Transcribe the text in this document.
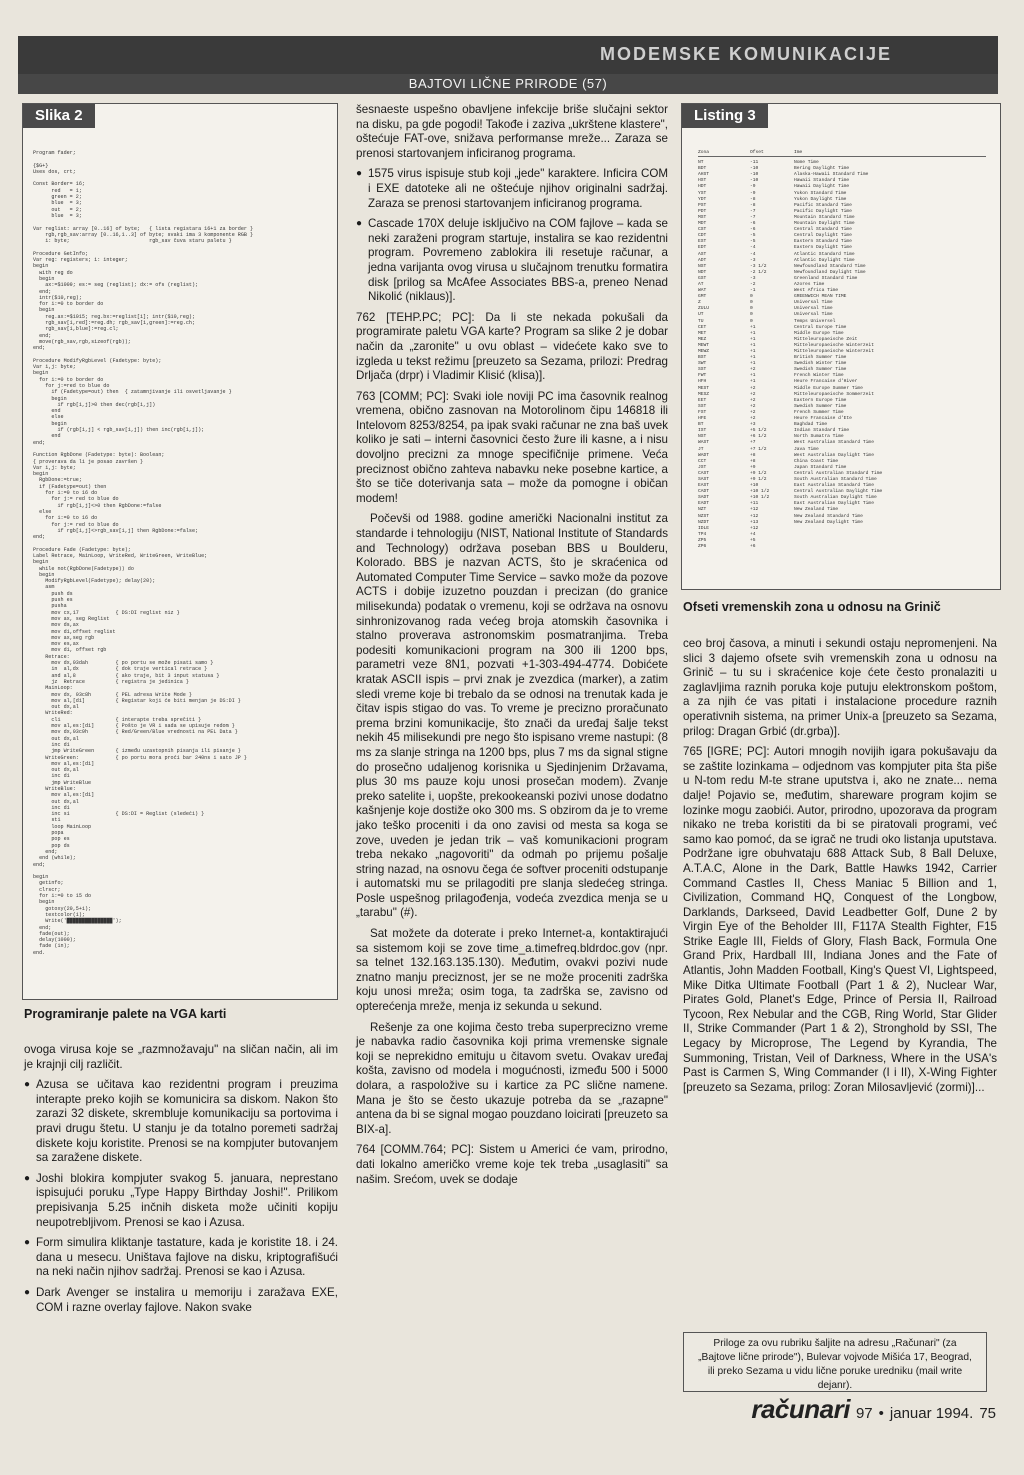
MODEMSKE KOMUNIKACIJE
BAJTOVI LIČNE PRIRODE (57)
Slika 2
Program fader;

{$G+}
Uses dos, crt;

Const Border= 16;
red   = 1;
green = 2;
blue  = 3;
out   = 2;
blue  = 3;

Var reglist: array [0..16] of byte;   { lista registara 16+1 za border }
rgb,rgb_sav:array [0..16,1..3] of byte; svaki ima 3 komponente RGB }
i: byte;                          rgb_sav čuva staru paletu }

Procedure GetInfo;
Var reg: registers; i: integer;
begin
with reg do
begin
ax:=$1009; es:= seg (reglist); dx:= ofs (reglist);
end;
intr($10,reg);
for i:=0 to border do
begin
reg.ax:=$1015; reg.bx:=reglist[i]; intr($10,reg);
rgb_sav[i,red]:=reg.dh; rgb_sav[i,green]:=reg.ch;
rgb_sav[i,blue]:=reg.cl;
end;
move(rgb_sav,rgb,sizeof(rgb));
end;

Procedure ModifyRgbLevel (Fadetype: byte);
Var i,j: byte;
begin
for i:=0 to border do
for j:=red to blue do
if (Fadetype=out) then  { zatamnjivanje ili osvetljavanje }
begin
if rgb[i,j]>0 then dec(rgb[i,j])
end
else
begin
if (rgb[i,j] < rgb_sav[i,j]) then inc(rgb[i,j]);
end
end;

Function RgbDone (Fadetype: byte): Boolean;
{ proverava da li je posao završen }
Var i,j: byte;
begin
RgbDone:=true;
if (Fadetype=out) then
for i:=0 to 16 do
for j:= red to blue do
if rgb[i,j]<>0 then RgbDone:=false
else
for i:=0 to 16 do
for j:= red to blue do
if rgb[i,j]<>rgb_sav[i,j] then RgbDone:=false;
end;

Procedure Fade (Fadetype: byte);
Label Retrace, MainLoop, WriteRed, WriteGreen, WriteBlue;
begin
while not(RgbDone(Fadetype)) do
begin
ModifyRgbLevel(Fadetype); delay(20);
asm
push ds
push es
pusha
mov cx,17            { DS:DI reglist niz }
mov ax, seg Reglist
mov ds,ax
mov di,offset reglist
mov ax,seg rgb
mov es,ax
mov di, offset rgb
Retrace:
mov dx,03dah         { po portu se može pisati samo }
in  al,dx            { dok traje vertical retrace }
and al,8             { ako traje, bit 3 input statusa }
jz  Retrace          { registra je jedinica }
MainLoop:
mov dx, 03c8h        { PEL adresa Write Mode }
mov al,[di]          { Registar koji će biti menjan je DS:DI }
out dx,al
WriteRed:
cli                  { interapte treba sprečiti }
mov al,es:[di]       { Pošto je VR i sada se upisuje redom }
mov dx,03c9h         { Red/Green/Blue vrednosti na PEL Data }
out dx,al
inc di
jmp WriteGreen       { između uzastopnih pisanja ili pisanje }
WriteGreen:            { po portu mora proći bar 240ns i sato JP }
mov al,es:[di]
out dx,al
inc di
jmp WriteBlue
WriteBlue:
mov al,es:[di]
out dx,al
inc di
inc si               { DS:DI = Reglist (sledeći) }
sti
loop MainLoop
popa
pop es
pop ds
end;
end (while);
end;

begin
getinfo;
clrscr;
for i:=0 to 15 do
begin
gotoxy(20,5+i);
textcolor(i);
Write('███████████████');
end;
fade(out);
delay(1000);
fade (in);
end.
Programiranje palete na VGA karti
Listing 3
Zona	Ofset	Ime
NT	-11	Nome Time
BDT	-10	Bering Daylight Time
AHST	-10	Alaska-Hawaii Standard Time
HST	-10	Hawaii Standard Time
HDT	-9	Hawaii Daylight Time
YST	-9	Yukon Standard Time
YDT	-8	Yukon Daylight Time
PST	-8	Pacific Standard Time
PDT	-7	Pacific Daylight Time
MST	-7	Mountain Standard Time
MDT	-6	Mountain Daylight Time
CST	-6	Central Standard Time
CDT	-5	Central Daylight Time
EST	-5	Eastern Standard Time
EDT	-4	Eastern Daylight Time
AST	-4	Atlantic Standard Time
ADT	-3	Atlantic Daylight Time
NST	-3 1/2	Newfoundland Standard Time
NDT	-2 1/2	Newfoundland Daylight Time
GST	-3	Greenland Standard Time
AT	-2	Azores Time
WAT	-1	West Africa Time
GMT	0	GREENWICH MEAN TIME
Z	0	Universal Time
ZULU	0	Universal Time
UT	0	Universal Time
TU	0	Temps Universel
CET	+1	Central Europe Time
MET	+1	Middle Europe Time
MEZ	+1	Mitteleuropaeische Zeit
MEWT	+1	Mitteleuropaeische Winterzeit
MEWZ	+1	Mitteleuropaeische Winterzeit
BST	+1	British Summer Time
SWT	+1	Swedish Winter Time
SST	+2	Swedish Summer Time
FWT	+1	French Winter Time
HFH	+1	Heure Francaise d'Hiver
MEST	+2	Middle Europe Summer Time
MESZ	+2	Mitteleuropaeische Sommerzeit
EET	+2	Eastern Europe Time
SST	+2	Swedish Summer Time
FST	+2	French Summer Time
HFE	+2	Heure Francaise d'Ete
BT	+3	Baghdad Time
IST	+5 1/2	Indian Standard Time
NST	+6 1/2	North Sumatra Time
WAST	+7	West Australian Standard Time
JT	+7 1/2	Java Time
WADT	+8	West Australian Daylight Time
CCT	+8	China Coast Time
JST	+9	Japan Standard Time
CAST	+9 1/2	Central Australian Standard Time
SAST	+9 1/2	South Australian Standard Time
EAST	+10	East Australian Standard Time
CADT	+10 1/2	Central Australian Daylight Time
SADT	+10 1/2	South Australian Daylight Time
EADT	+11	East Australian Daylight Time
NZT	+12	New Zealand Time
NZST	+12	New Zealand Standard Time
NZDT	+13	New Zealand Daylight Time
IDLE	+12
TP4	+4
ZP5	+5
ZP6	+6
Ofseti vremenskih zona u odnosu na Grinič

ovoga virusa koje se „razmnožavaju" na sličan način, ali im je krajnji cilj različit.

● Azusa se učitava kao rezidentni program i preuzima interapte preko kojih se komunicira sa diskom. Nakon što zarazi 32 diskete, skrembluje komunikaciju sa portovima i pravi drugu štetu. U stanju je da totalno poremeti sadržaj diskete koju koristite. Prenosi se na kompjuter butovanjem sa zaražene diskete.

● Joshi blokira kompjuter svakog 5. januara, neprestano ispisujući poruku „Type Happy Birthday Joshi!". Prilikom prepisivanja 5.25 inčnih disketa može učiniti kopiju neupotrebljivom. Prenosi se kao i Azusa.

● Form simulira kliktanje tastature, kada je koristite 18. i 24. dana u mesecu. Uništava fajlove na disku, kriptografišući na neki način njihov sadržaj. Prenosi se kao i Azusa.

● Dark Avenger se instalira u memoriju i zaražava EXE, COM i razne overlay fajlove. Nakon svake

šesnaeste uspešno obavljene infekcije briše slučajni sektor na disku, pa gde pogodi! Takođe i zaziva „ukrštene klastere", oštećuje FAT-ove, snižava performanse mreže... Zaraza se prenosi startovanjem inficiranog programa.

● 1575 virus ispisuje stub koji „jede" karaktere. Inficira COM i EXE datoteke ali ne oštećuje njihov originalni sadržaj. Zaraza se prenosi startovanjem inficiranog programa.

● Cascade 170X deluje isključivo na COM fajlove – kada se neki zaraženi program startuje, instalira se kao rezidentni program. Povremeno zablokira ili resetuje računar, a jedna varijanta ovog virusa u slučajnom trenutku formatira disk [prilog sa McAfee Associates BBS-a, preneo Nenad Nikolić (niklaus)].

762 [TEHP.PC; PC]: Da li ste nekada pokušali da programirate paletu VGA karte? Program sa slike 2 je dobar način da „zaronite" u ovu oblast – videćete kako sve to izgleda u tekst režimu [preuzeto sa Sezama, prilozi: Predrag Drljača (drpr) i Vladimir Klisić (klisa)].

763 [COMM; PC]: Svaki iole noviji PC ima časovnik realnog vremena, obično zasnovan na Motorolinom čipu 146818 ili Intelovom 8253/8254, pa ipak svaki računar ne zna baš uvek koliko je sati – interni časovnici često žure ili kasne, a i nisu dovoljno precizni za mnoge specifičnije primene. Veća preciznost obično zahteva nabavku neke posebne kartice, a što se tiče doterivanja sata – može da pomogne i običan modem!

Počevši od 1988. godine američki Nacionalni institut za standarde i tehnologiju (NIST, National Institute of Standards and Technology) održava poseban BBS u Boulderu, Kolorado. BBS je nazvan ACTS, što je skraćenica od Automated Computer Time Service – savko može da pozove ACTS i dobije izuzetno pouzdan i precizan (do granice milisekunda) podatak o vremenu, koji se održava na osnovu sinhronizovanog rada većeg broja atomskih časovnika i stalno proverava astronomskim posmatranjima. Treba podesiti komunikacioni program na 300 ili 1200 bps, parametri veze 8N1, pozvati +1-303-494-4774. Dobićete kratak ASCII ispis – prvi znak je zvezdica (marker), a zatim sledi vreme koje bi trebalo da se odnosi na trenutak kada je čitav ispis stigao do vas. To vreme je precizno proračunato prema brzini komunikacije, što znači da uređaj šalje tekst nekih 45 milisekundi pre nego što ispisano vreme nastupi: (8 ms za slanje stringa na 1200 bps, plus 7 ms da signal stigne do prosečno udaljenog korisnika u Sjedinjenim Državama, plus 30 ms pauze koju unosi prosečan modem). Zvanje preko satelite i, uopšte, prekookeanski pozivi unose dodatno kašnjenje koje dostiže oko 300 ms. S obzirom da je to vreme jako teško proceniti i da ono zavisi od mesta sa koga se zove, uveden je jedan trik – vaš komunikacioni program treba nekako „nagovoriti" da odmah po prijemu pošalje string nazad, na osnovu čega će softver proceniti odstupanje i automatski mu se prilagoditi pre slanja sledećeg stringa. Posle uspešnog prilagođenja, vodeća zvezdica menja se u „tarabu" (#).

Sat možete da doterate i preko Internet-a, kontaktirajući sa sistemom koji se zove time_a.timefreq.bldrdoc.gov (npr. sa telnet 132.163.135.130). Međutim, ovakvi pozivi nude znatno manju preciznost, jer se ne može proceniti zadrška koju unosi mreža; osim toga, ta zadrška se, zavisno od opterećenja mreže, menja iz sekunda u sekund.

Rešenje za one kojima često treba superprecizno vreme je nabavka radio časovnika koji prima vremenske signale koji se neprekidno emituju u čitavom svetu. Ovakav uređaj košta, zavisno od modela i mogućnosti, između 500 i 5000 dolara, a raspoložive su i kartice za PC slične namene. Mana je što se često ukazuje potreba da se „razapne" antena da bi se signal mogao pouzdano loicirati [preuzeto sa BIX-a].

764 [COMM.764; PC]: Sistem u Americi će vam, prirodno, dati lokalno američko vreme koje tek treba „usaglasiti" sa našim. Srećom, uvek se dodaje

ceo broj časova, a minuti i sekundi ostaju nepromenjeni. Na slici 3 dajemo ofsete svih vremenskih zona u odnosu na Grinič – tu su i skraćenice koje ćete često pronalaziti u zaglavljima raznih poruka koje putuju elektronskom poštom, a za njih će vas pitati i instalacione procedure raznih operativnih sistema, na primer Unix-a [preuzeto sa Sezama, prilog: Dragan Grbić (dr.grba)].

765 [IGRE; PC]: Autori mnogih novijih igara pokušavaju da se zaštite lozinkama – odjednom vas kompjuter pita šta piše u N-tom redu M-te strane uputstva i, ako ne znate... nema dalje! Pojavio se, međutim, shareware program kojim se lozinke mogu zaobići. Autor, prirodno, upozorava da program nikako ne treba koristiti da bi se piratovali programi, već samo kao pomoć, da se igrač ne trudi oko listanja uputstava. Podržane igre obuhvataju 688 Attack Sub, 8 Ball Deluxe, A.T.A.C, Alone in the Dark, Battle Hawks 1942, Carrier Command Castles II, Chess Maniac 5 Billion and 1, Civilization, Command HQ, Conquest of the Longbow, Darklands, Darkseed, David Leadbetter Golf, Dune 2 by Virgin Eye of the Beholder III, F117A Stealth Fighter, F15 Strike Eagle III, Fields of Glory, Flash Back, Formula One Grand Prix, Hardball III, Indiana Jones and the Fate of Atlantis, John Madden Football, King's Quest VI, Lightspeed, Mike Ditka Ultimate Football (Part 1 & 2), Nuclear War, Pirates Gold, Planet's Edge, Prince of Persia II, Railroad Tycoon, Rex Nebular and the CGB, Ring World, Star Glider II, Strike Commander (Part 1 & 2), Stronghold by SSI, The Legacy by Microprose, The Legend by Kyrandia, The Summoning, Tristan, Veil of Darkness, Where in the USA's Past is Carmen S, Wing Commander (I i II), X-Wing Fighter [preuzeto sa Sezama, prilog: Zoran Milosavljević (zormi)]...

Priloge za ovu rubriku šaljite na adresu „Računari" (za „Bajtove lične prirode"), Bulevar vojvode Mišića 17, Beograd, ili preko Sezama u vidu lične poruke uredniku (mail write dejanr).
računari 97 • januar 1994. 75
